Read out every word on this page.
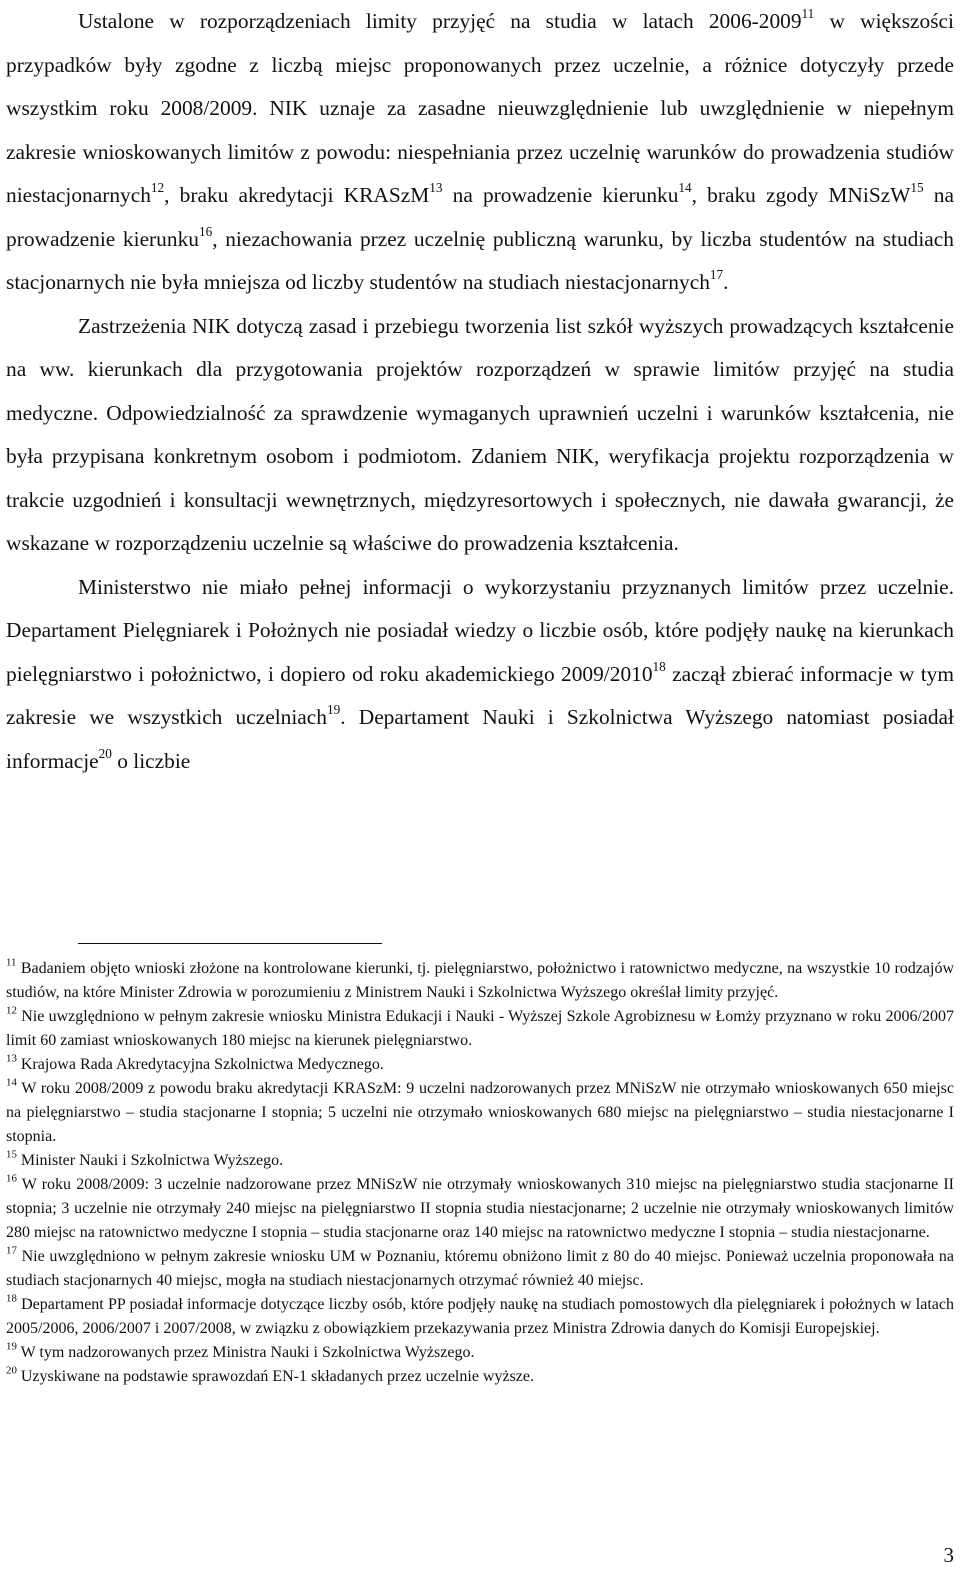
Ustalone w rozporządzeniach limity przyjęć na studia w latach 2006-2009$^{11}$ w większości przypadków były zgodne z liczbą miejsc proponowanych przez uczelnie, a różnice dotyczyły przede wszystkim roku 2008/2009. NIK uznaje za zasadne nieuwzględnienie lub uwzględnienie w niepełnym zakresie wnioskowanych limitów z powodu: niespełniania przez uczelnię warunków do prowadzenia studiów niestacjonarnych$^{12}$, braku akredytacji KRASzM$^{13}$ na prowadzenie kierunku$^{14}$, braku zgody MNiSzW$^{15}$ na prowadzenie kierunku$^{16}$, niezachowania przez uczelnię publiczną warunku, by liczba studentów na studiach stacjonarnych nie była mniejsza od liczby studentów na studiach niestacjonarnych$^{17}$.

Zastrzeżenia NIK dotyczą zasad i przebiegu tworzenia list szkół wyższych prowadzących kształcenie na ww. kierunkach dla przygotowania projektów rozporządzeń w sprawie limitów przyjęć na studia medyczne. Odpowiedzialność za sprawdzenie wymaganych uprawnień uczelni i warunków kształcenia, nie była przypisana konkretnym osobom i podmiotom. Zdaniem NIK, weryfikacja projektu rozporządzenia w trakcie uzgodnień i konsultacji wewnętrznych, międzyresortowych i społecznych, nie dawała gwarancji, że wskazane w rozporządzeniu uczelnie są właściwe do prowadzenia kształcenia.

Ministerstwo nie miało pełnej informacji o wykorzystaniu przyznanych limitów przez uczelnie. Departament Pielęgniarek i Położnych nie posiadał wiedzy o liczbie osób, które podjęły naukę na kierunkach pielęgniarstwo i położnictwo, i dopiero od roku akademickiego 2009/2010$^{18}$ zaczął zbierać informacje w tym zakresie we wszystkich uczelniach$^{19}$. Departament Nauki i Szkolnictwa Wyższego natomiast posiadał informacje$^{20}$ o liczbie

$^{11}$ Badaniem objęto wnioski złożone na kontrolowane kierunki, tj. pielęgniarstwo, położnictwo i ratownictwo medyczne, na wszystkie 10 rodzajów studiów, na które Minister Zdrowia w porozumieniu z Ministrem Nauki i Szkolnictwa Wyższego określał limity przyjęć.

$^{12}$ Nie uwzględniono w pełnym zakresie wniosku Ministra Edukacji i Nauki - Wyższej Szkole Agrobiznesu w Łomży przyznano w roku 2006/2007 limit 60 zamiast wnioskowanych 180 miejsc na kierunek pielęgniarstwo.

$^{13}$ Krajowa Rada Akredytacyjna Szkolnictwa Medycznego.

$^{14}$ W roku 2008/2009 z powodu braku akredytacji KRASzM: 9 uczelni nadzorowanych przez MNiSzW nie otrzymało wnioskowanych 650 miejsc na pielęgniarstwo – studia stacjonarne I stopnia; 5 uczelni nie otrzymało wnioskowanych 680 miejsc na pielęgniarstwo – studia niestacjonarne I stopnia.

$^{15}$ Minister Nauki i Szkolnictwa Wyższego.

$^{16}$ W roku 2008/2009: 3 uczelnie nadzorowane przez MNiSzW nie otrzymały wnioskowanych 310 miejsc na pielęgniarstwo studia stacjonarne II stopnia; 3 uczelnie nie otrzymały 240 miejsc na pielęgniarstwo II stopnia studia niestacjonarne; 2 uczelnie nie otrzymały wnioskowanych limitów 280 miejsc na ratownictwo medyczne I stopnia – studia stacjonarne oraz 140 miejsc na ratownictwo medyczne I stopnia – studia niestacjonarne.

$^{17}$ Nie uwzględniono w pełnym zakresie wniosku UM w Poznaniu, któremu obniżono limit z 80 do 40 miejsc. Ponieważ uczelnia proponowała na studiach stacjonarnych 40 miejsc, mogła na studiach niestacjonarnych otrzymać również 40 miejsc.

$^{18}$ Departament PP posiadał informacje dotyczące liczby osób, które podjęły naukę na studiach pomostowych dla pielęgniarek i położnych w latach 2005/2006, 2006/2007 i 2007/2008, w związku z obowiązkiem przekazywania przez Ministra Zdrowia danych do Komisji Europejskiej.

$^{19}$ W tym nadzorowanych przez Ministra Nauki i Szkolnictwa Wyższego.

$^{20}$ Uzyskiwane na podstawie sprawozdań EN-1 składanych przez uczelnie wyższe.

3
